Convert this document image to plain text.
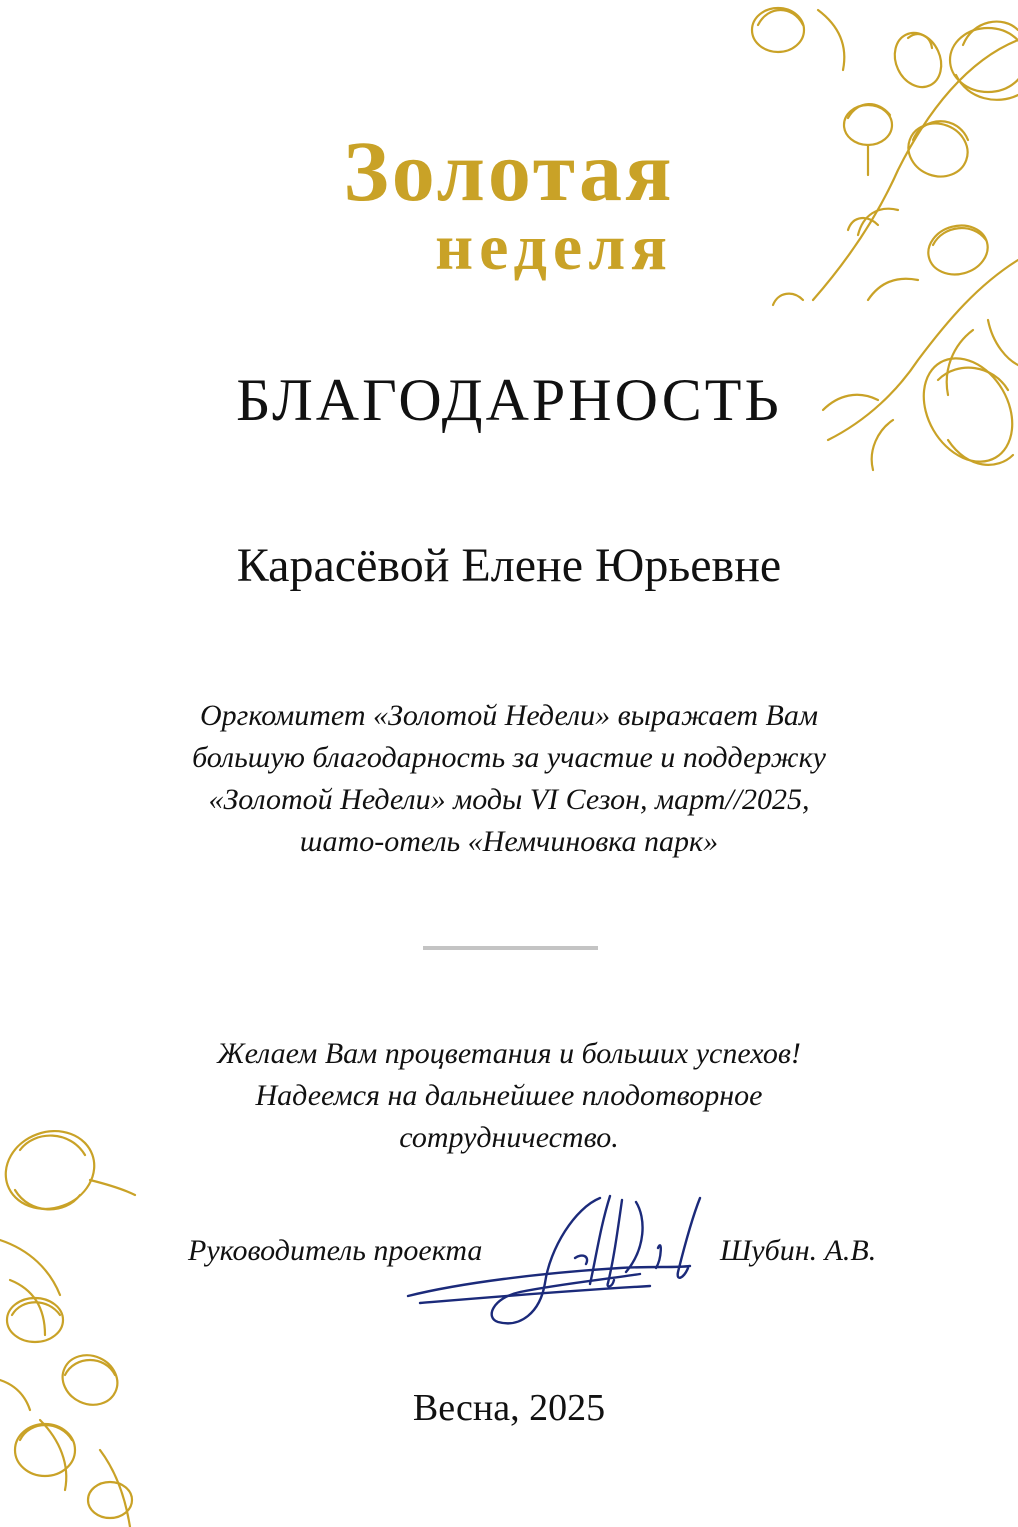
Золотая
неделя
БЛАГОДАРНОСТЬ
Карасёвой Елене Юрьевне
Оргкомитет «Золотой Недели» выражает Вам
большую благодарность за участие и поддержку
«Золотой Недели» моды VI Сезон, март//2025,
шато-отель «Немчиновка парк»
Желаем Вам процветания и больших успехов!
Надеемся на дальнейшее плодотворное
сотрудничество.
Руководитель проекта	Шубин. А.В.
Весна, 2025
